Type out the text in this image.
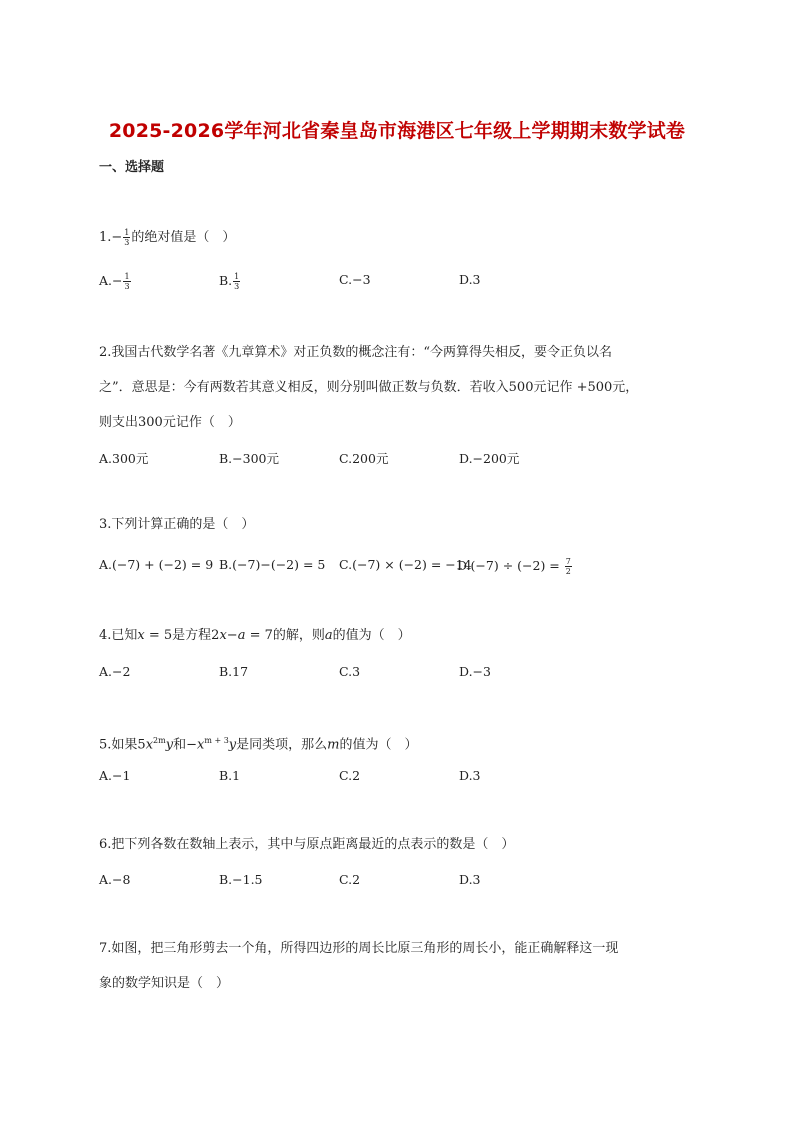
2025-2026学年河北省秦皇岛市海港区七年级上学期期末数学试卷
一、选择题
$1.- \frac{1}{3}$ 的绝对值是（　）
$A.- \frac{1}{3}$	B. $\frac{1}{3}$	C.−3	D.3
2.我国古代数学名著《九章算术》对正负数的概念注有：“今两算得失相反，要令正负以名
之”．意思是：今有两数若其意义相反，则分别叫做正数与负数．若收入500元记作 +500元，
则支出300元记作（　）
A.300元	B.−300元	C.200元	D.−200元
3.下列计算正确的是（　）
A.(−7) + (−2) = 9 B.(−7)−(−2) = 5 C.(−7) × (−2) = −14
$D.(-7) \div (-2) = \frac{7}{2}$
4.已知x = 5是方程2x−a = 7的解，则a的值为（　）
A.−2	B.17	C.3	D.−3
5.如果$5x^{2m}y$和$-x^{m + 3}y$是同类项，那么m的值为（　）
A.−1	B.1	C.2	D.3
6.把下列各数在数轴上表示，其中与原点距离最近的点表示的数是（　）
A.−8	B.−1.5	C.2	D.3
7.如图，把三角形剪去一个角，所得四边形的周长比原三角形的周长小，能正确解释这一现
象的数学知识是（　）
